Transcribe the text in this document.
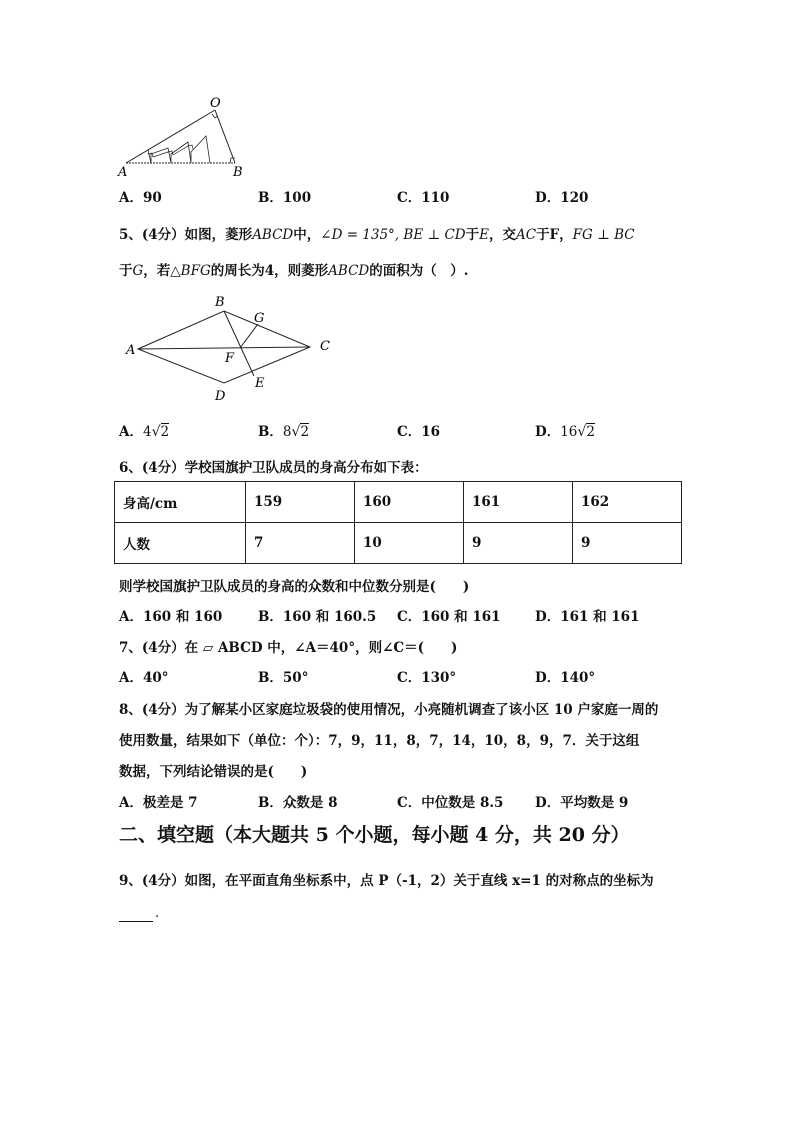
O
A	B
A．90	B．100	C．110	D．120
5、(4分）如图，菱形ABCD中，∠D = 135°, BE ⊥ CD于E，交AC于F，FG ⊥ BC
于G，若△BFG的周长为4，则菱形ABCD的面积为（　）.
A
B
C
D
E
F
G
A．4√2	B．8√2	C．16	D．16√2
6、(4分）学校国旗护卫队成员的身高分布如下表：
身高/cm	159	160	161	162
人数	7	10	9	9
则学校国旗护卫队成员的身高的众数和中位数分别是(　　)
A．160 和 160	B．160 和 160.5 C．160 和 161	D．161 和 161
7、(4分）在 ▱ ABCD 中，∠A＝40°，则∠C＝(　　)
A．40°	B．50°	C．130°	D．140°
8、(4分）为了解某小区家庭垃圾袋的使用情况，小亮随机调查了该小区 10 户家庭一周的
使用数量，结果如下（单位：个）：7，9，11，8，7，14，10，8，9，7．关于这组
数据，下列结论错误的是(　　)
A．极差是 7	B．众数是 8	C．中位数是 8.5 D．平均数是 9
二、填空题（本大题共 5 个小题，每小题 4 分，共 20 分）
9、(4分）如图，在平面直角坐标系中，点 P（-1，2）关于直线 x=1 的对称点的坐标为
.
